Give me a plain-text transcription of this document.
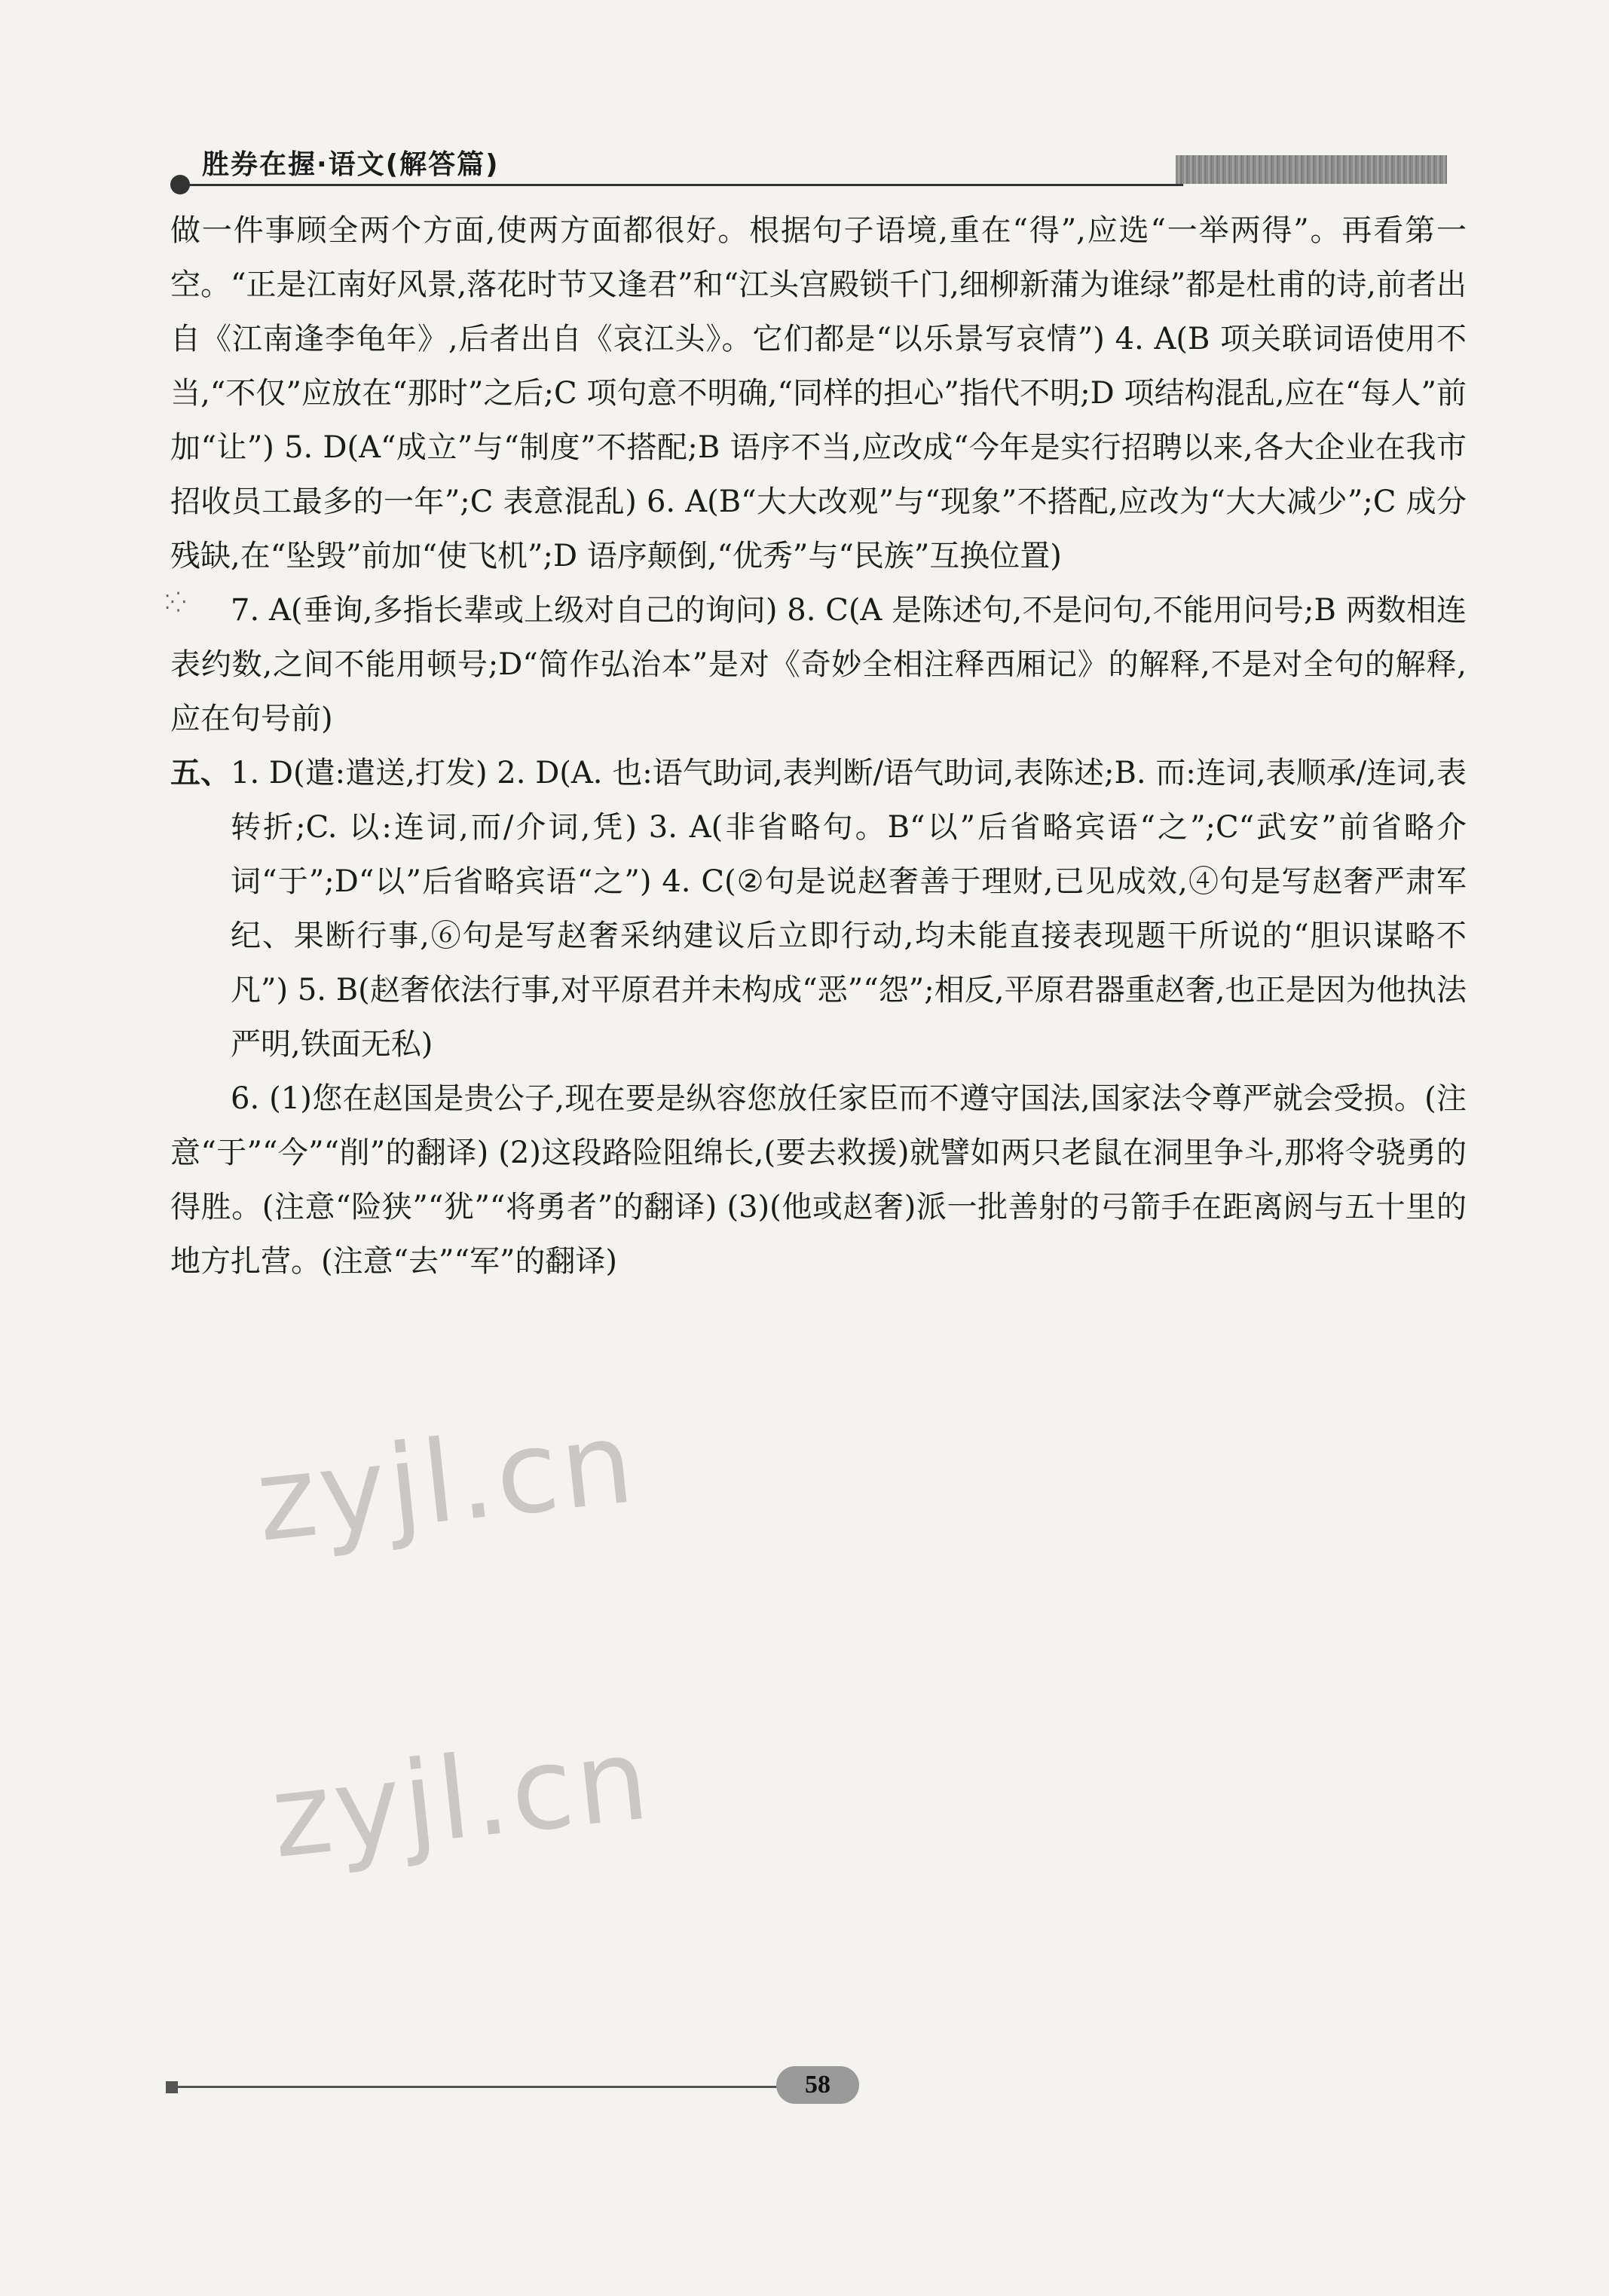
胜券在握·语文(解答篇)
⁚⁛

做一件事顾全两个方面,使两方面都很好。根据句子语境,重在“得”,应选“一举两得”。再看第一空。“正是江南好风景,落花时节又逢君”和“江头宫殿锁千门,细柳新蒲为谁绿”都是杜甫的诗,前者出自《江南逢李龟年》,后者出自《哀江头》。它们都是“以乐景写哀情”) 4. A(B 项关联词语使用不当,“不仅”应放在“那时”之后;C 项句意不明确,“同样的担心”指代不明;D 项结构混乱,应在“每人”前加“让”) 5. D(A“成立”与“制度”不搭配;B 语序不当,应改成“今年是实行招聘以来,各大企业在我市招收员工最多的一年”;C 表意混乱) 6. A(B“大大改观”与“现象”不搭配,应改为“大大减少”;C 成分残缺,在“坠毁”前加“使飞机”;D 语序颠倒,“优秀”与“民族”互换位置)

7. A(垂询,多指长辈或上级对自己的询问) 8. C(A 是陈述句,不是问句,不能用问号;B 两数相连表约数,之间不能用顿号;D“简作弘治本”是对《奇妙全相注释西厢记》的解释,不是对全句的解释,应在句号前)

五、 1. D(遣:遣送,打发) 2. D(A. 也:语气助词,表判断/语气助词,表陈述;B. 而:连词,表顺承/连词,表转折;C. 以:连词,而/介词,凭) 3. A(非省略句。B“以”后省略宾语“之”;C“武安”前省略介词“于”;D“以”后省略宾语“之”) 4. C(②句是说赵奢善于理财,已见成效,④句是写赵奢严肃军纪、果断行事,⑥句是写赵奢采纳建议后立即行动,均未能直接表现题干所说的“胆识谋略不凡”) 5. B(赵奢依法行事,对平原君并未构成“恶”“怨”;相反,平原君器重赵奢,也正是因为他执法严明,铁面无私)

6. (1)您在赵国是贵公子,现在要是纵容您放任家臣而不遵守国法,国家法令尊严就会受损。(注意“于”“今”“削”的翻译) (2)这段路险阻绵长,(要去救援)就譬如两只老鼠在洞里争斗,那将令骁勇的得胜。(注意“险狭”“犹”“将勇者”的翻译) (3)(他或赵奢)派一批善射的弓箭手在距离阏与五十里的地方扎营。(注意“去”“军”的翻译)

zyjl.cn
zyjl.cn
58
